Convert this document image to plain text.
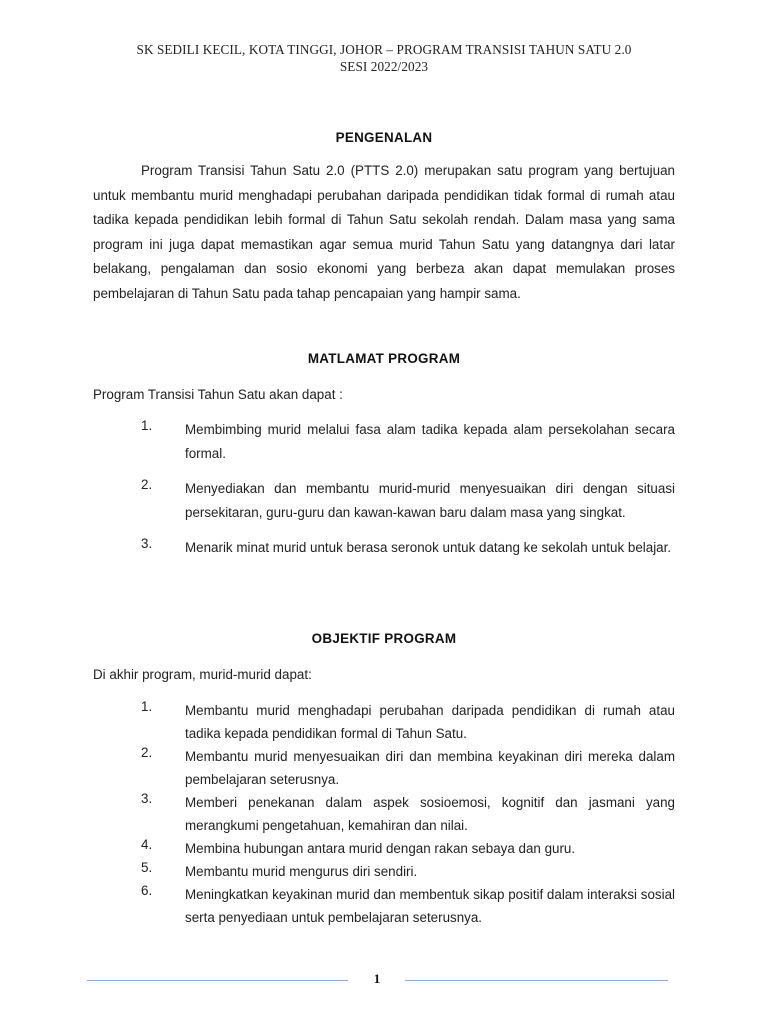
SK SEDILI KECIL, KOTA TINGGI, JOHOR – PROGRAM TRANSISI TAHUN SATU 2.0
SESI 2022/2023
PENGENALAN
Program Transisi Tahun Satu 2.0 (PTTS 2.0) merupakan satu program yang bertujuan untuk membantu murid menghadapi perubahan daripada pendidikan tidak formal di rumah atau tadika kepada pendidikan lebih formal di Tahun Satu sekolah rendah. Dalam masa yang sama program ini juga dapat memastikan agar semua murid Tahun Satu yang datangnya dari latar belakang, pengalaman dan sosio ekonomi yang berbeza akan dapat memulakan proses pembelajaran di Tahun Satu pada tahap pencapaian yang hampir sama.
MATLAMAT PROGRAM
Program Transisi Tahun Satu akan dapat :
1. Membimbing murid melalui fasa alam tadika kepada alam persekolahan secara formal.
2. Menyediakan dan membantu murid-murid menyesuaikan diri dengan situasi persekitaran, guru-guru dan kawan-kawan baru dalam masa yang singkat.
3. Menarik minat murid untuk berasa seronok untuk datang ke sekolah untuk belajar.
OBJEKTIF PROGRAM
Di akhir program, murid-murid dapat:
1. Membantu murid menghadapi perubahan daripada pendidikan di rumah atau tadika kepada pendidikan formal di Tahun Satu.
2. Membantu murid menyesuaikan diri dan membina keyakinan diri mereka dalam pembelajaran seterusnya.
3. Memberi penekanan dalam aspek sosioemosi, kognitif dan jasmani yang merangkumi pengetahuan, kemahiran dan nilai.
4. Membina hubungan antara murid dengan rakan sebaya dan guru.
5. Membantu murid mengurus diri sendiri.
6. Meningkatkan keyakinan murid dan membentuk sikap positif dalam interaksi sosial serta penyediaan untuk pembelajaran seterusnya.
1
